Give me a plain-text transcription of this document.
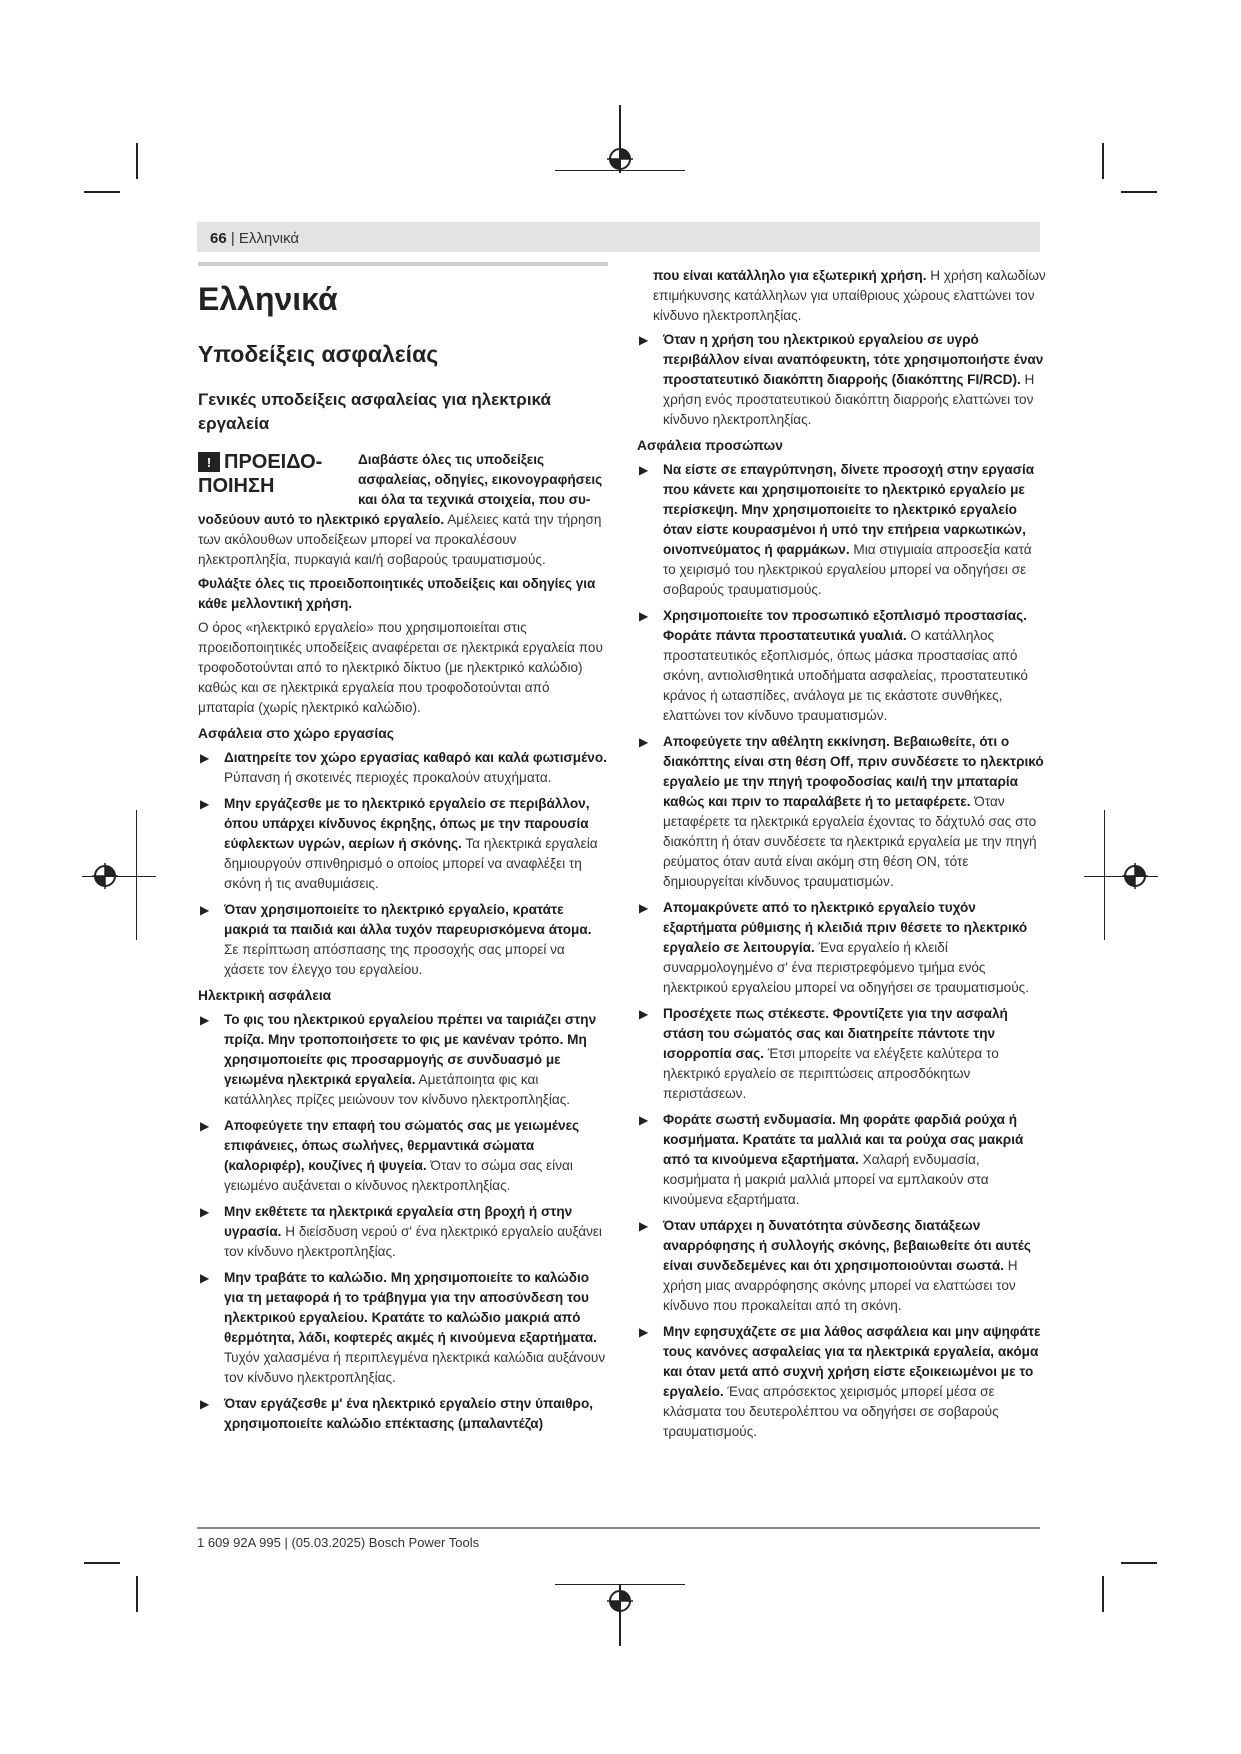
66 | Ελληνικά
Ελληνικά
Υποδείξεις ασφαλείας
Γενικές υποδείξεις ασφαλείας για ηλεκτρικά εργαλεία
! ΠΡΟΕΙΔΟ-ΠΟΙΗΣΗ
Διαβάστε όλες τις υποδείξεις ασφαλείας, οδηγίες, εικονογραφήσεις και όλα τα τεχνικά στοιχεία, που συ-

νοδεύουν αυτό το ηλεκτρικό εργαλείο. Αμέλειες κατά την τήρηση των ακόλουθων υποδείξεων μπορεί να προκαλέσουν ηλεκτροπληξία, πυρκαγιά και/ή σοβαρούς τραυματισμούς.

Φυλάξτε όλες τις προειδοποιητικές υποδείξεις και οδηγίες για κάθε μελλοντική χρήση.

Ο όρος «ηλεκτρικό εργαλείο» που χρησιμοποιείται στις προειδοποιητικές υποδείξεις αναφέρεται σε ηλεκτρικά εργαλεία που τροφοδοτούνται από το ηλεκτρικό δίκτυο (με ηλεκτρικό καλώδιο) καθώς και σε ηλεκτρικά εργαλεία που τροφοδοτούνται από μπαταρία (χωρίς ηλεκτρικό καλώδιο).

Ασφάλεια στο χώρο εργασίας

▶ Διατηρείτε τον χώρο εργασίας καθαρό και καλά φωτισμένο. Ρύπανση ή σκοτεινές περιοχές προκαλούν ατυχήματα.

▶ Μην εργάζεσθε με το ηλεκτρικό εργαλείο σε περιβάλλον, όπου υπάρχει κίνδυνος έκρηξης, όπως με την παρουσία εύφλεκτων υγρών, αερίων ή σκόνης. Τα ηλεκτρικά εργαλεία δημιουργούν σπινθηρισμό ο οποίος μπορεί να αναφλέξει τη σκόνη ή τις αναθυμιάσεις.

▶ Όταν χρησιμοποιείτε το ηλεκτρικό εργαλείο, κρατάτε μακριά τα παιδιά και άλλα τυχόν παρευρισκόμενα άτομα. Σε περίπτωση απόσπασης της προσοχής σας μπορεί να χάσετε τον έλεγχο του εργαλείου.

Ηλεκτρική ασφάλεια

▶ Το φις του ηλεκτρικού εργαλείου πρέπει να ταιριάζει στην πρίζα. Μην τροποποιήσετε το φις με κανέναν τρόπο. Μη χρησιμοποιείτε φις προσαρμογής σε συνδυασμό με γειωμένα ηλεκτρικά εργαλεία. Αμετάποιητα φις και κατάλληλες πρίζες μειώνουν τον κίνδυνο ηλεκτροπληξίας.

▶ Αποφεύγετε την επαφή του σώματός σας με γειωμένες επιφάνειες, όπως σωλήνες, θερμαντικά σώματα (καλοριφέρ), κουζίνες ή ψυγεία. Όταν το σώμα σας είναι γειωμένο αυξάνεται ο κίνδυνος ηλεκτροπληξίας.

▶ Μην εκθέτετε τα ηλεκτρικά εργαλεία στη βροχή ή στην υγρασία. Η διείσδυση νερού σ' ένα ηλεκτρικό εργαλείο αυξάνει τον κίνδυνο ηλεκτροπληξίας.

▶ Μην τραβάτε το καλώδιο. Μη χρησιμοποιείτε το καλώδιο για τη μεταφορά ή το τράβηγμα για την αποσύνδεση του ηλεκτρικού εργαλείου. Κρατάτε το καλώδιο μακριά από θερμότητα, λάδι, κοφτερές ακμές ή κινούμενα εξαρτήματα. Τυχόν χαλασμένα ή περιπλεγμένα ηλεκτρικά καλώδια αυξάνουν τον κίνδυνο ηλεκτροπληξίας.

▶ Όταν εργάζεσθε μ' ένα ηλεκτρικό εργαλείο στην ύπαιθρο, χρησιμοποιείτε καλώδιο επέκτασης (μπαλαντέζα)

που είναι κατάλληλο για εξωτερική χρήση. Η χρήση καλωδίων επιμήκυνσης κατάλληλων για υπαίθριους χώρους ελαττώνει τον κίνδυνο ηλεκτροπληξίας.

▶ Όταν η χρήση του ηλεκτρικού εργαλείου σε υγρό περιβάλλον είναι αναπόφευκτη, τότε χρησιμοποιήστε έναν προστατευτικό διακόπτη διαρροής (διακόπτης FI/RCD). Η χρήση ενός προστατευτικού διακόπτη διαρροής ελαττώνει τον κίνδυνο ηλεκτροπληξίας.

Ασφάλεια προσώπων

▶ Να είστε σε επαγρύπνηση, δίνετε προσοχή στην εργασία που κάνετε και χρησιμοποιείτε το ηλεκτρικό εργαλείο με περίσκεψη. Μην χρησιμοποιείτε το ηλεκτρικό εργαλείο όταν είστε κουρασμένοι ή υπό την επήρεια ναρκωτικών, οινοπνεύματος ή φαρμάκων. Μια στιγμιαία απροσεξία κατά το χειρισμό του ηλεκτρικού εργαλείου μπορεί να οδηγήσει σε σοβαρούς τραυματισμούς.

▶ Χρησιμοποιείτε τον προσωπικό εξοπλισμό προστασίας. Φοράτε πάντα προστατευτικά γυαλιά. Ο κατάλληλος προστατευτικός εξοπλισμός, όπως μάσκα προστασίας από σκόνη, αντιολισθητικά υποδήματα ασφαλείας, προστατευτικό κράνος ή ωτασπίδες, ανάλογα με τις εκάστοτε συνθήκες, ελαττώνει τον κίνδυνο τραυματισμών.

▶ Αποφεύγετε την αθέλητη εκκίνηση. Βεβαιωθείτε, ότι ο διακόπτης είναι στη θέση Off, πριν συνδέσετε το ηλεκτρικό εργαλείο με την πηγή τροφοδοσίας και/ή την μπαταρία καθώς και πριν το παραλάβετε ή το μεταφέρετε. Όταν μεταφέρετε τα ηλεκτρικά εργαλεία έχοντας το δάχτυλό σας στο διακόπτη ή όταν συνδέσετε τα ηλεκτρικά εργαλεία με την πηγή ρεύματος όταν αυτά είναι ακόμη στη θέση ON, τότε δημιουργείται κίνδυνος τραυματισμών.

▶ Απομακρύνετε από το ηλεκτρικό εργαλείο τυχόν εξαρτήματα ρύθμισης ή κλειδιά πριν θέσετε το ηλεκτρικό εργαλείο σε λειτουργία. Ένα εργαλείο ή κλειδί συναρμολογημένο σ' ένα περιστρεφόμενο τμήμα ενός ηλεκτρικού εργαλείου μπορεί να οδηγήσει σε τραυματισμούς.

▶ Προσέχετε πως στέκεστε. Φροντίζετε για την ασφαλή στάση του σώματός σας και διατηρείτε πάντοτε την ισορροπία σας. Έτσι μπορείτε να ελέγξετε καλύτερα το ηλεκτρικό εργαλείο σε περιπτώσεις απροσδόκητων περιστάσεων.

▶ Φοράτε σωστή ενδυμασία. Μη φοράτε φαρδιά ρούχα ή κοσμήματα. Κρατάτε τα μαλλιά και τα ρούχα σας μακριά από τα κινούμενα εξαρτήματα. Χαλαρή ενδυμασία, κοσμήματα ή μακριά μαλλιά μπορεί να εμπλακούν στα κινούμενα εξαρτήματα.

▶ Όταν υπάρχει η δυνατότητα σύνδεσης διατάξεων αναρρόφησης ή συλλογής σκόνης, βεβαιωθείτε ότι αυτές είναι συνδεδεμένες και ότι χρησιμοποιούνται σωστά. Η χρήση μιας αναρρόφησης σκόνης μπορεί να ελαττώσει τον κίνδυνο που προκαλείται από τη σκόνη.

▶ Μην εφησυχάζετε σε μια λάθος ασφάλεια και μην αψηφάτε τους κανόνες ασφαλείας για τα ηλεκτρικά εργαλεία, ακόμα και όταν μετά από συχνή χρήση είστε εξοικειωμένοι με το εργαλείο. Ένας απρόσεκτος χειρισμός μπορεί μέσα σε κλάσματα του δευτερολέπτου να οδηγήσει σε σοβαρούς τραυματισμούς.

1 609 92A 995 | (05.03.2025) Bosch Power Tools
